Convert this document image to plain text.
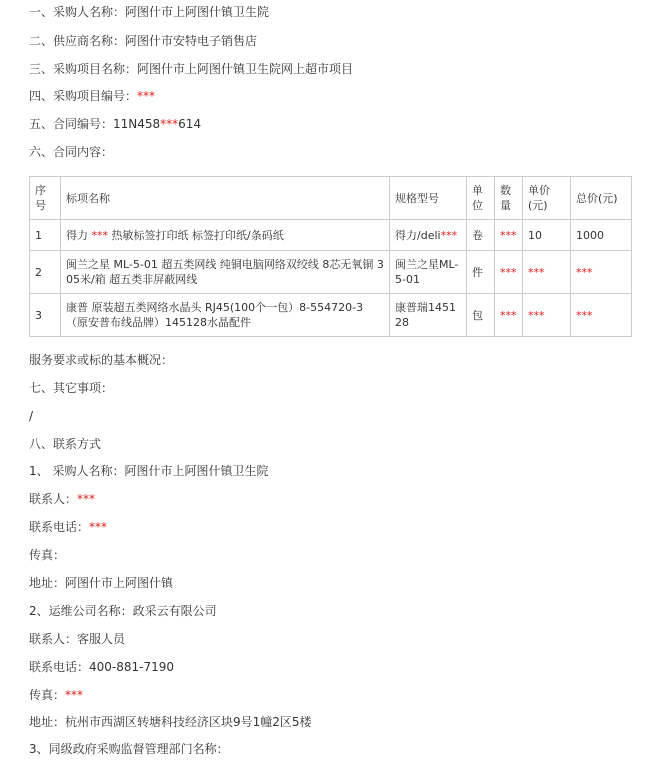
一、采购人名称：阿图什市上阿图什镇卫生院
二、供应商名称：阿图什市安特电子销售店
三、采购项目名称：阿图什市上阿图什镇卫生院网上超市项目
四、采购项目编号：***
五、合同编号：11N458***614
六、合同内容：
序号	标项名称	规格型号	单位	数量	单价(元)	总价(元)
1	得力 *** 热敏标签打印纸 标签打印纸/条码纸	得力/deli***	卷	***	10	1000
2	闽兰之星 ML-5-01 超五类网线 纯铜电脑网络双绞线 8芯无氧铜 305米/箱 超五类非屏蔽网线	闽兰之星ML-5-01	件	***	***	***
3	康普 原装超五类网络水晶头 RJ45(100个一包）8-554720-3（原安普布线品牌）145128水晶配件	康普瑞145128	包	***	***	***
服务要求或标的基本概况：
七、其它事项：
/
八、联系方式
1、 采购人名称：阿图什市上阿图什镇卫生院
联系人：***
联系电话：***
传真：
地址：阿图什市上阿图什镇
2、运维公司名称：政采云有限公司
联系人：客服人员
联系电话：400-881-7190
传真：***
地址：杭州市西湖区转塘科技经济区块9号1幢2区5楼
3、同级政府采购监督管理部门名称：
